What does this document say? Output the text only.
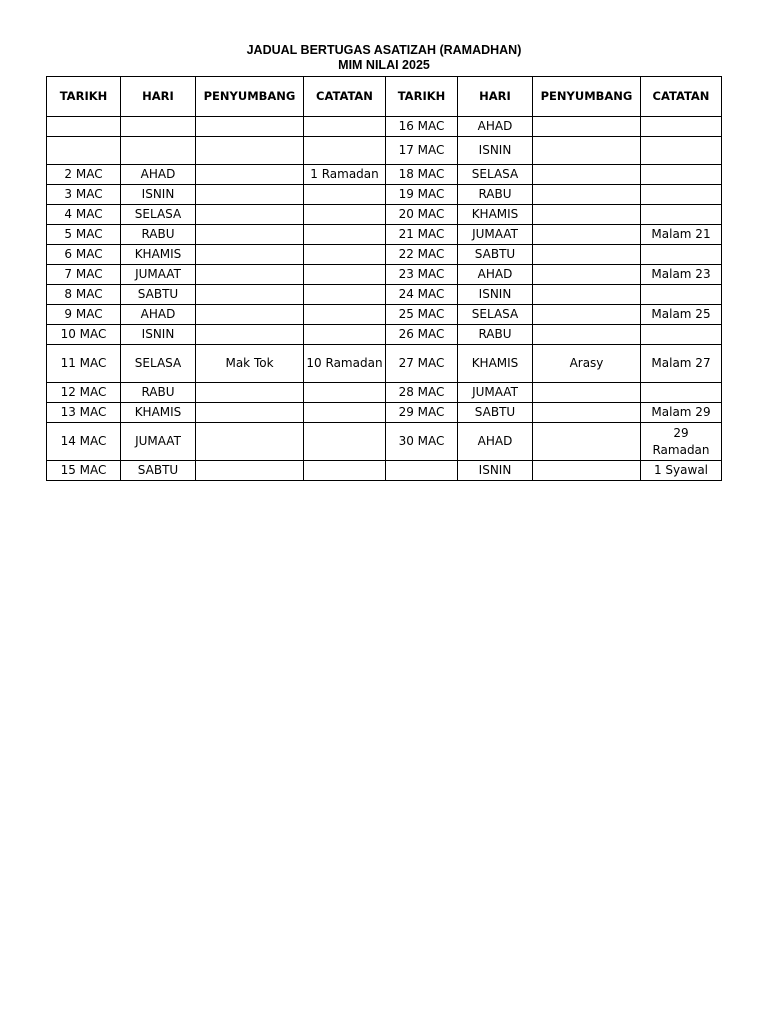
JADUAL BERTUGAS ASATIZAH (RAMADHAN)
MIM NILAI 2025
TARIKH	HARI	PENYUMBANG	CATATAN	TARIKH	HARI	PENYUMBANG	CATATAN
				16 MAC	AHAD		
				17 MAC	ISNIN		
2 MAC	AHAD		1 Ramadan	18 MAC	SELASA		
3 MAC	ISNIN			19 MAC	RABU		
4 MAC	SELASA			20 MAC	KHAMIS		
5 MAC	RABU			21 MAC	JUMAAT		Malam 21
6 MAC	KHAMIS			22 MAC	SABTU		
7 MAC	JUMAAT			23 MAC	AHAD		Malam 23
8 MAC	SABTU			24 MAC	ISNIN		
9 MAC	AHAD			25 MAC	SELASA		Malam 25
10 MAC	ISNIN			26 MAC	RABU		
11 MAC	SELASA	Mak Tok	10 Ramadan	27 MAC	KHAMIS	Arasy	Malam 27
12 MAC	RABU			28 MAC	JUMAAT		
13 MAC	KHAMIS			29 MAC	SABTU		Malam 29
14 MAC	JUMAAT			30 MAC	AHAD		29 Ramadan
15 MAC	SABTU				ISNIN		1 Syawal
